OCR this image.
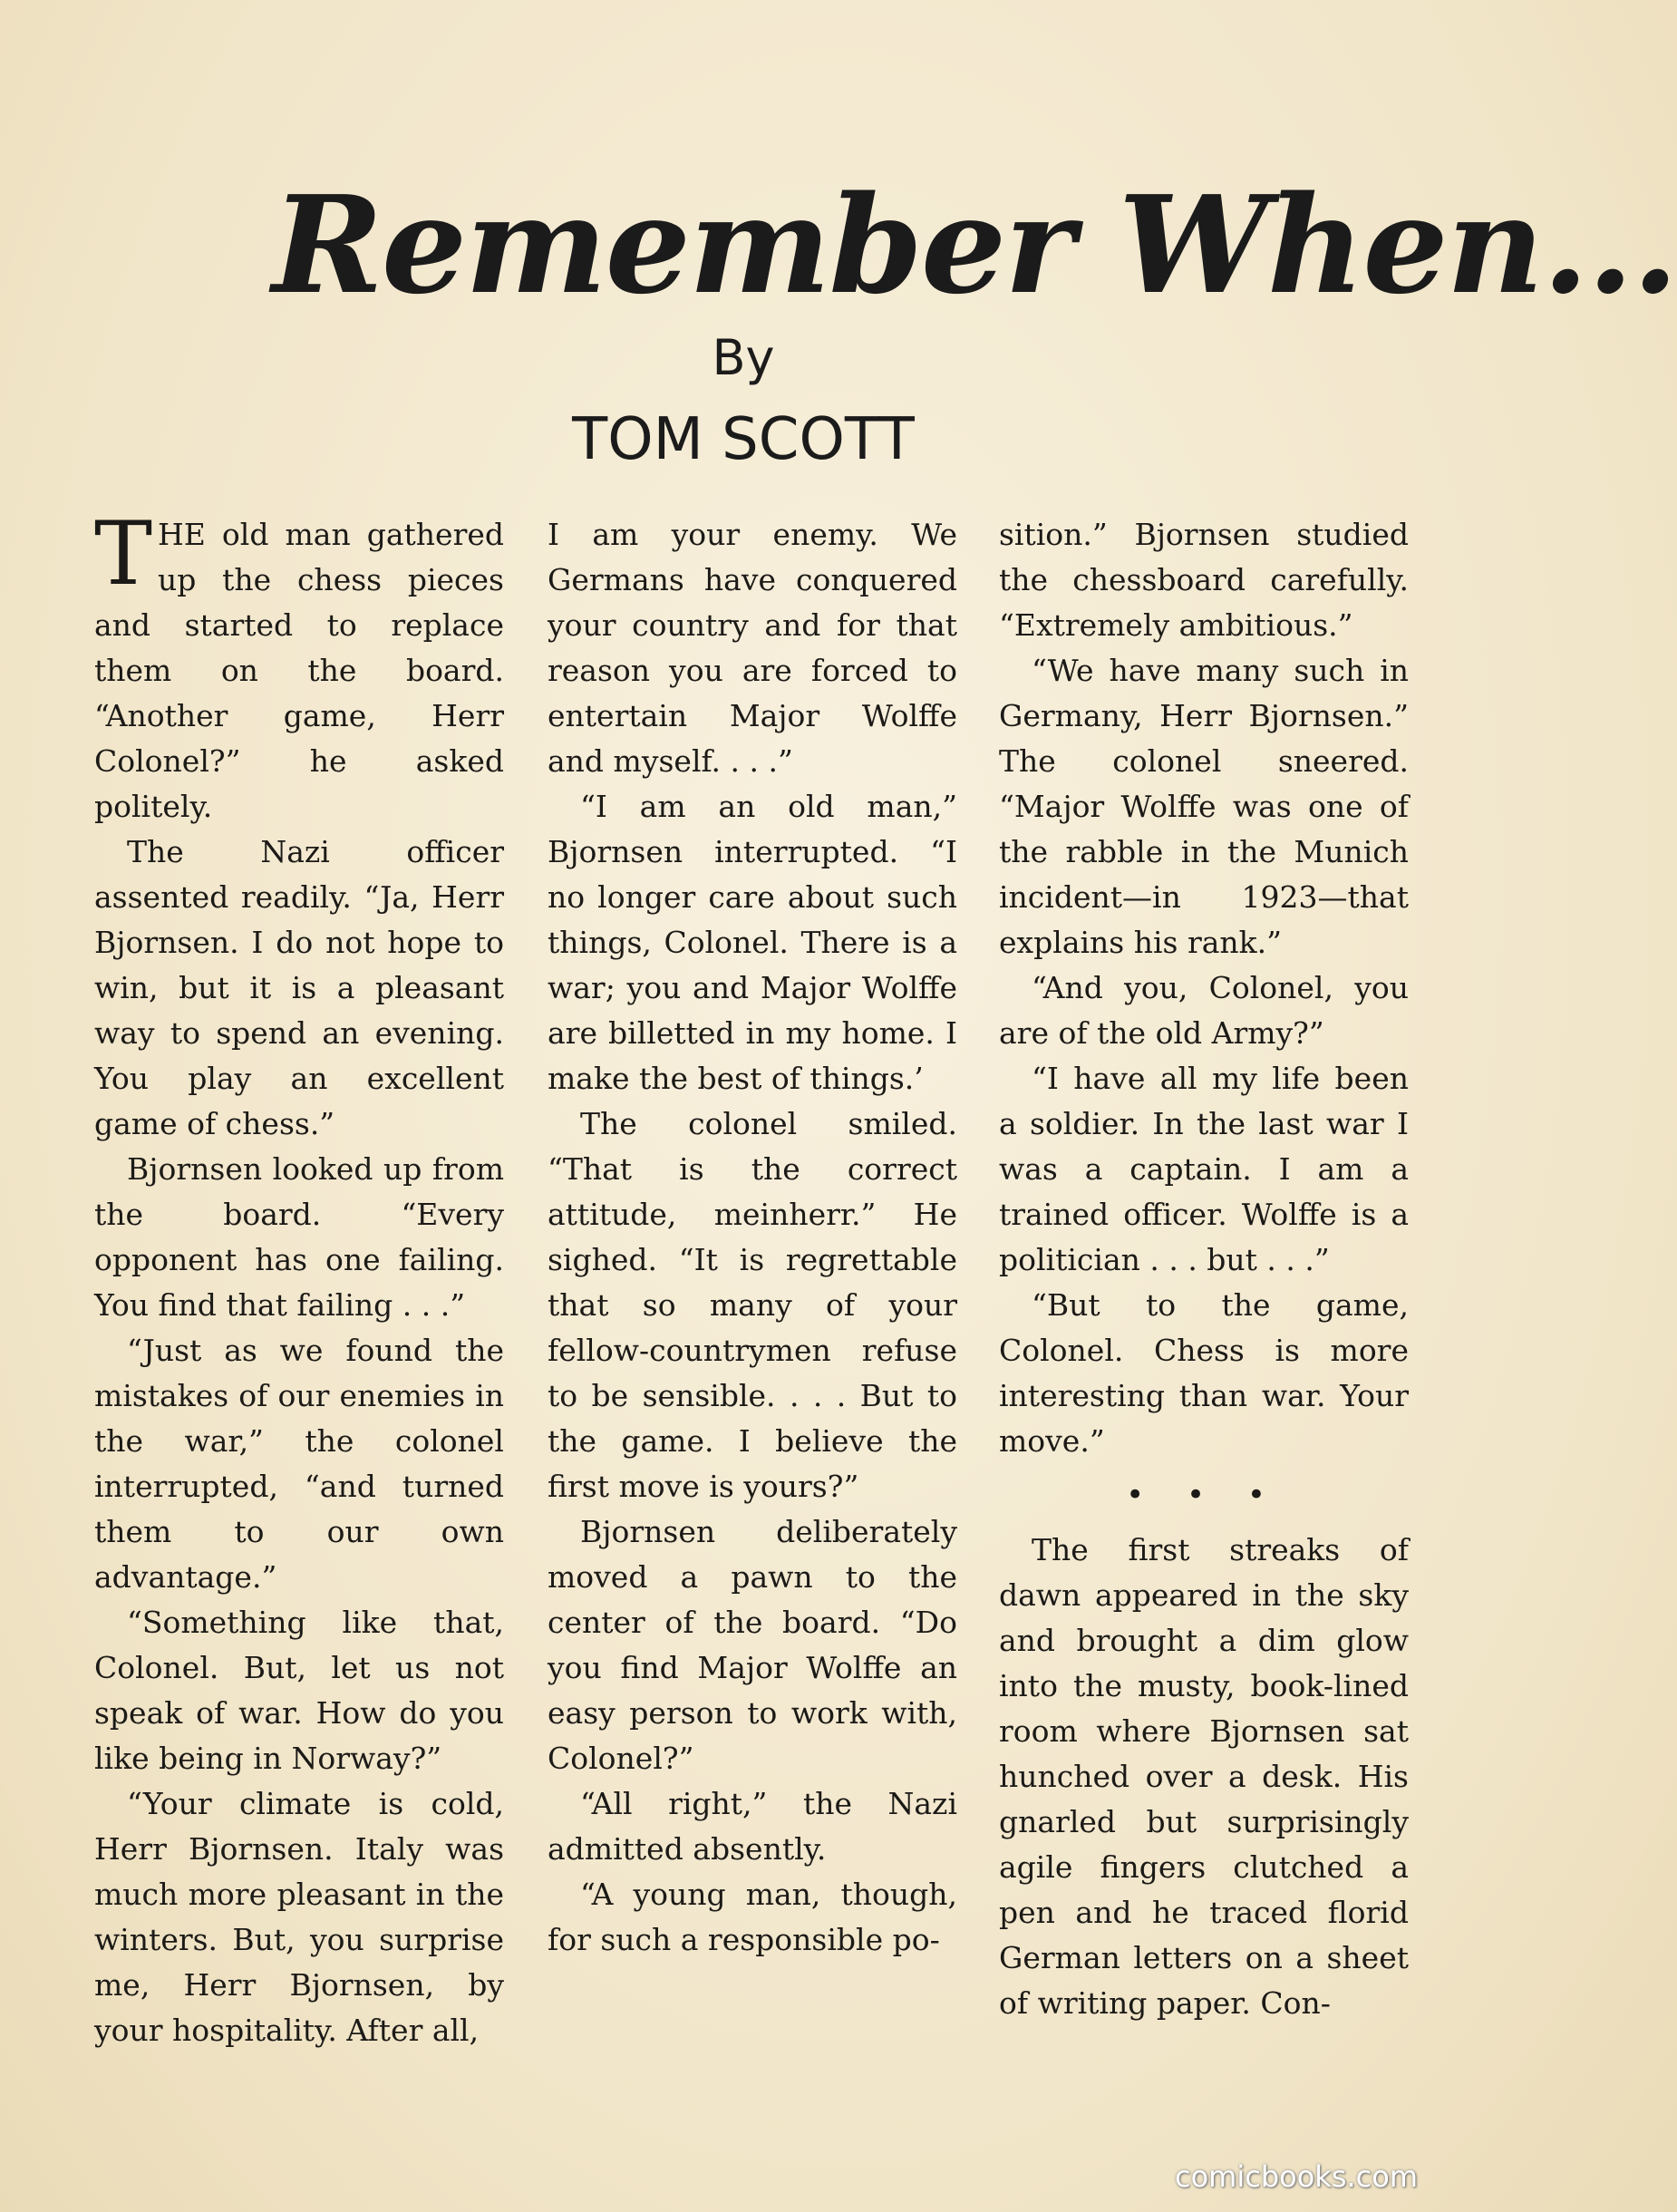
Remember When...
By
TOM SCOTT

THE old man gathered up the chess pieces and started to replace them on the board. “Another game, Herr Colonel?” he asked politely.

The Nazi officer assented readily. “Ja, Herr Bjornsen. I do not hope to win, but it is a pleasant way to spend an evening. You play an excellent game of chess.”

Bjornsen looked up from the board. “Every opponent has one failing. You find that failing . . .”

“Just as we found the mistakes of our enemies in the war,” the colonel interrupted, “and turned them to our own advantage.”

“Something like that, Colonel. But, let us not speak of war. How do you like being in Norway?”

“Your climate is cold, Herr Bjornsen. Italy was much more pleasant in the winters. But, you surprise me, Herr Bjornsen, by your hospitality. After all,

I am your enemy. We Germans have conquered your country and for that reason you are forced to entertain Major Wolffe and myself. . . .”

“I am an old man,” Bjornsen interrupted. “I no longer care about such things, Colonel. There is a war; you and Major Wolffe are billetted in my home. I make the best of things.’

The colonel smiled. “That is the correct attitude, meinherr.” He sighed. “It is regrettable that so many of your fellow-countrymen refuse to be sensible. . . . But to the game. I believe the first move is yours?”

Bjornsen deliberately moved a pawn to the center of the board. “Do you find Major Wolffe an easy person to work with, Colonel?”

“All right,” the Nazi admitted absently.

“A young man, though, for such a responsible po-

sition.” Bjornsen studied the chessboard carefully. “Extremely ambitious.”

“We have many such in Germany, Herr Bjornsen.” The colonel sneered. “Major Wolffe was one of the rabble in the Munich incident—in 1923—that explains his rank.”

“And you, Colonel, you are of the old Army?”

“I have all my life been a soldier. In the last war I was a captain. I am a trained officer. Wolffe is a politician . . . but . . .”

“But to the game, Colonel. Chess is more interesting than war. Your move.”

• • •

The first streaks of dawn appeared in the sky and brought a dim glow into the musty, book-lined room where Bjornsen sat hunched over a desk. His gnarled but surprisingly agile fingers clutched a pen and he traced florid German letters on a sheet of writing paper. Con-

comicbooks.com
